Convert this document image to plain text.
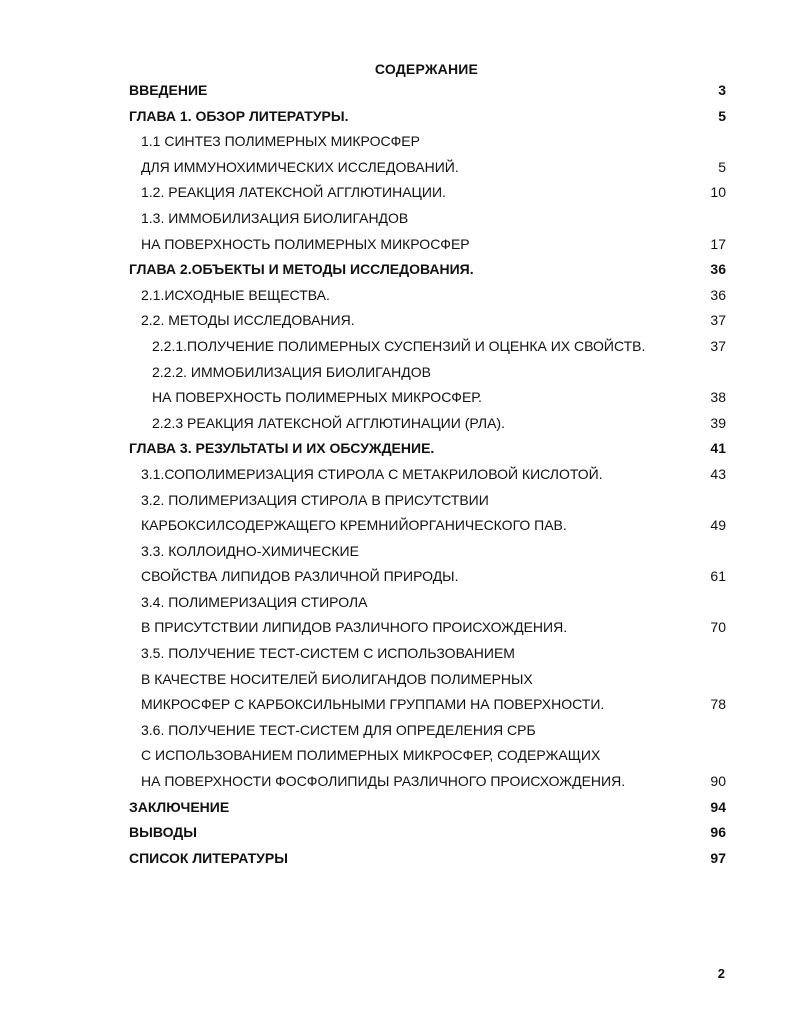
СОДЕРЖАНИЕ
ВВЕДЕНИЕ	3
ГЛАВА 1. ОБЗОР ЛИТЕРАТУРЫ.	5
1.1 СИНТЕЗ ПОЛИМЕРНЫХ МИКРОСФЕР
ДЛЯ ИММУНОХИМИЧЕСКИХ ИССЛЕДОВАНИЙ.	5
1.2. РЕАКЦИЯ ЛАТЕКСНОЙ АГГЛЮТИНАЦИИ.	10
1.3. ИММОБИЛИЗАЦИЯ БИОЛИГАНДОВ
НА ПОВЕРХНОСТЬ ПОЛИМЕРНЫХ МИКРОСФЕР	17
ГЛАВА 2.ОБЪЕКТЫ И МЕТОДЫ ИССЛЕДОВАНИЯ.	36
2.1.ИСХОДНЫЕ ВЕЩЕСТВА.	36
2.2. МЕТОДЫ ИССЛЕДОВАНИЯ.	37
2.2.1.ПОЛУЧЕНИЕ ПОЛИМЕРНЫХ СУСПЕНЗИЙ И ОЦЕНКА ИХ СВОЙСТВ.	37
2.2.2. ИММОБИЛИЗАЦИЯ БИОЛИГАНДОВ
НА ПОВЕРХНОСТЬ ПОЛИМЕРНЫХ МИКРОСФЕР.	38
2.2.3 РЕАКЦИЯ ЛАТЕКСНОЙ АГГЛЮТИНАЦИИ (РЛА).	39
ГЛАВА 3. РЕЗУЛЬТАТЫ И ИХ ОБСУЖДЕНИЕ.	41
3.1.СОПОЛИМЕРИЗАЦИЯ СТИРОЛА С МЕТАКРИЛОВОЙ КИСЛОТОЙ.	43
3.2. ПОЛИМЕРИЗАЦИЯ СТИРОЛА В ПРИСУТСТВИИ
КАРБОКСИЛСОДЕРЖАЩЕГО КРЕМНИЙОРГАНИЧЕСКОГО ПАВ.	49
3.3. КОЛЛОИДНО-ХИМИЧЕСКИЕ
СВОЙСТВА ЛИПИДОВ РАЗЛИЧНОЙ ПРИРОДЫ.	61
3.4. ПОЛИМЕРИЗАЦИЯ СТИРОЛА
В ПРИСУТСТВИИ ЛИПИДОВ РАЗЛИЧНОГО ПРОИСХОЖДЕНИЯ.	70
3.5. ПОЛУЧЕНИЕ ТЕСТ-СИСТЕМ С ИСПОЛЬЗОВАНИЕМ
В КАЧЕСТВЕ НОСИТЕЛЕЙ БИОЛИГАНДОВ ПОЛИМЕРНЫХ
МИКРОСФЕР С КАРБОКСИЛЬНЫМИ ГРУППАМИ НА ПОВЕРХНОСТИ.	78
3.6. ПОЛУЧЕНИЕ ТЕСТ-СИСТЕМ ДЛЯ ОПРЕДЕЛЕНИЯ СРБ
С ИСПОЛЬЗОВАНИЕМ ПОЛИМЕРНЫХ МИКРОСФЕР, СОДЕРЖАЩИХ
НА ПОВЕРХНОСТИ ФОСФОЛИПИДЫ РАЗЛИЧНОГО ПРОИСХОЖДЕНИЯ.	90
ЗАКЛЮЧЕНИЕ	94
ВЫВОДЫ	96
СПИСОК ЛИТЕРАТУРЫ	97
2
